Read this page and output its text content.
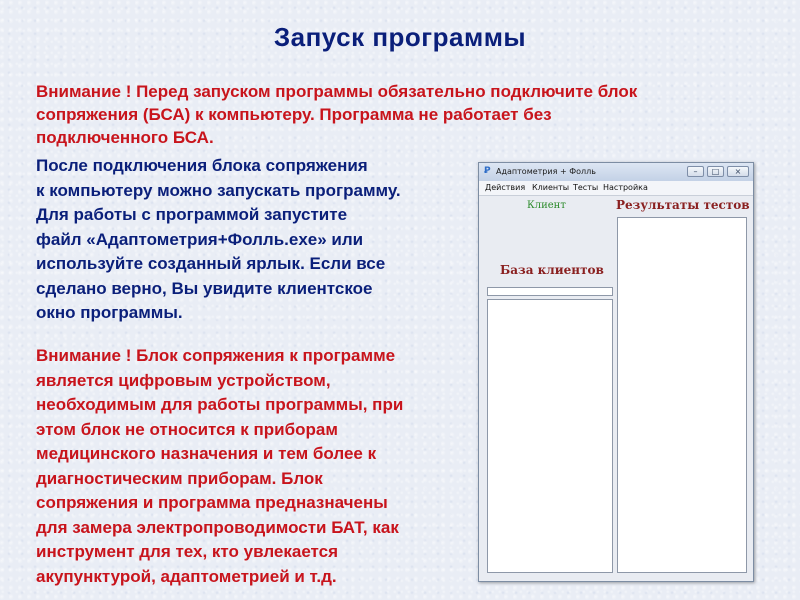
Запуск программы
Внимание ! Перед запуском программы обязательно подключите блок
сопряжения (БСА) к компьютеру. Программа не работает без
подключенного БСА.
После подключения блока сопряжения
к компьютеру можно запускать программу.
Для работы с программой запустите
файл «Адаптометрия+Фолль.exe» или
используйте созданный ярлык. Если все
сделано верно, Вы увидите клиентское
окно программы.
Внимание ! Блок сопряжения к программе
является цифровым устройством,
необходимым для работы программы, при
этом блок не относится к приборам
медицинского назначения и тем более к
диагностическим приборам. Блок
сопряжения и программа предназначены
для замера электропроводимости БАТ, как
инструмент для тех, кто увлекается
акупунктурой, адаптометрией и т.д.
Ꝑ Адаптометрия + Фолль	–	□	×
Действия Клиенты Тесты Настройка
Клиент	Результаты тестов
База клиентов
